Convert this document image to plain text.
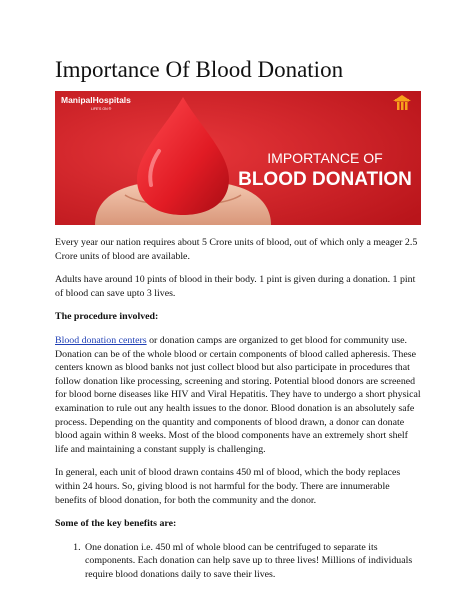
Importance Of Blood Donation
ManipalHospitals
LIFE'S ON ®
IMPORTANCE OF
BLOOD DONATION

Every year our nation requires about 5 Crore units of blood, out of which only a meager 2.5 Crore units of blood are available.

Adults have around 10 pints of blood in their body. 1 pint is given during a donation. 1 pint of blood can save upto 3 lives.

The procedure involved:

Blood donation centers or donation camps are organized to get blood for community use. Donation can be of the whole blood or certain components of blood called apheresis. These centers known as blood banks not just collect blood but also participate in procedures that follow donation like processing, screening and storing. Potential blood donors are screened for blood borne diseases like HIV and Viral Hepatitis. They have to undergo a short physical examination to rule out any health issues to the donor. Blood donation is an absolutely safe process. Depending on the quantity and components of blood drawn, a donor can donate blood again within 8 weeks. Most of the blood components have an extremely short shelf life and maintaining a constant supply is challenging.

In general, each unit of blood drawn contains 450 ml of blood, which the body replaces within 24 hours. So, giving blood is not harmful for the body. There are innumerable benefits of blood donation, for both the community and the donor.

Some of the key benefits are:

1. One donation i.e. 450 ml of whole blood can be centrifuged to separate its components. Each donation can help save up to three lives! Millions of individuals require blood donations daily to save their lives.
